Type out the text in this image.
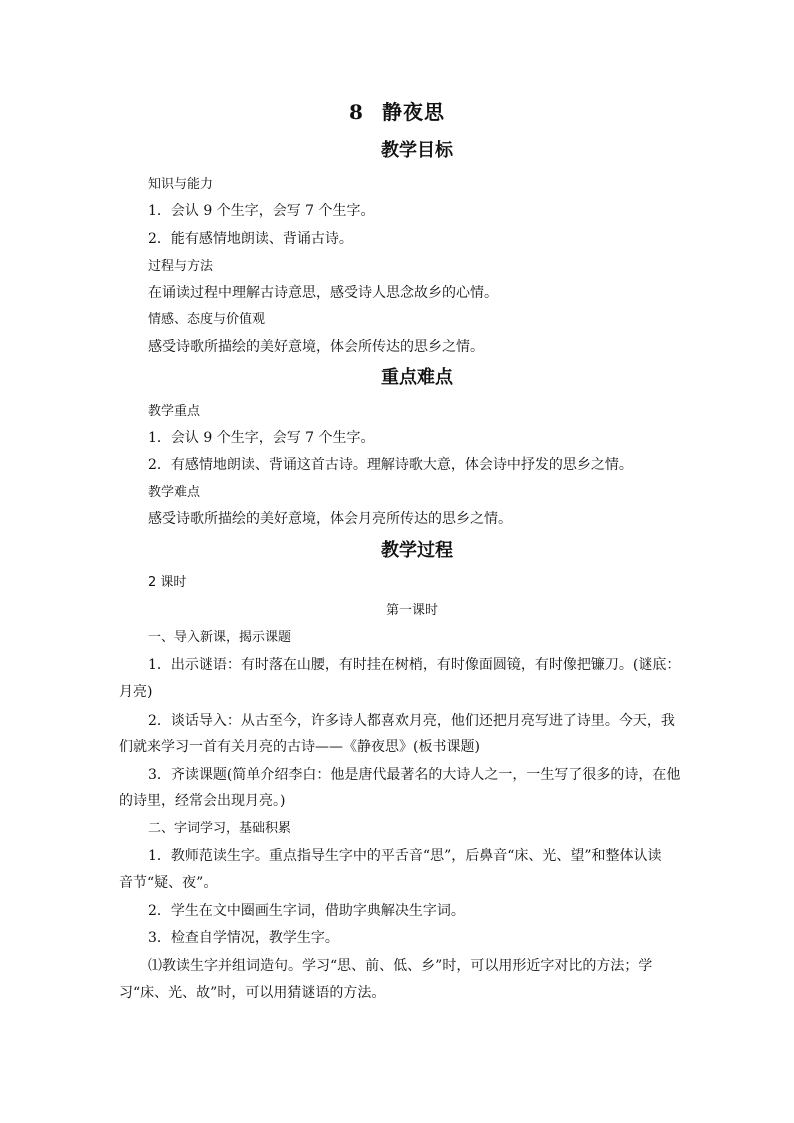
8 静夜思
教学目标
知识与能力
1．会认 9 个生字，会写 7 个生字。
2．能有感情地朗读、背诵古诗。
过程与方法
在诵读过程中理解古诗意思，感受诗人思念故乡的心情。
情感、态度与价值观
感受诗歌所描绘的美好意境，体会所传达的思乡之情。
重点难点
教学重点
1．会认 9 个生字，会写 7 个生字。
2．有感情地朗读、背诵这首古诗。理解诗歌大意，体会诗中抒发的思乡之情。
教学难点
感受诗歌所描绘的美好意境，体会月亮所传达的思乡之情。
教学过程
2 课时
第一课时
一、导入新课，揭示课题
1．出示谜语：有时落在山腰，有时挂在树梢，有时像面圆镜，有时像把镰刀。(谜底：
月亮)
2．谈话导入：从古至今，许多诗人都喜欢月亮，他们还把月亮写进了诗里。今天，我
们就来学习一首有关月亮的古诗——《静夜思》(板书课题)
3．齐读课题(简单介绍李白：他是唐代最著名的大诗人之一，一生写了很多的诗，在他
的诗里，经常会出现月亮。)
二、字词学习，基础积累
1．教师范读生字。重点指导生字中的平舌音“思”，后鼻音“床、光、望”和整体认读
音节“疑、夜”。
2．学生在文中圈画生字词，借助字典解决生字词。
3．检查自学情况，教学生字。
⑴教读生字并组词造句。学习“思、前、低、乡”时，可以用形近字对比的方法；学
习“床、光、故”时，可以用猜谜语的方法。
